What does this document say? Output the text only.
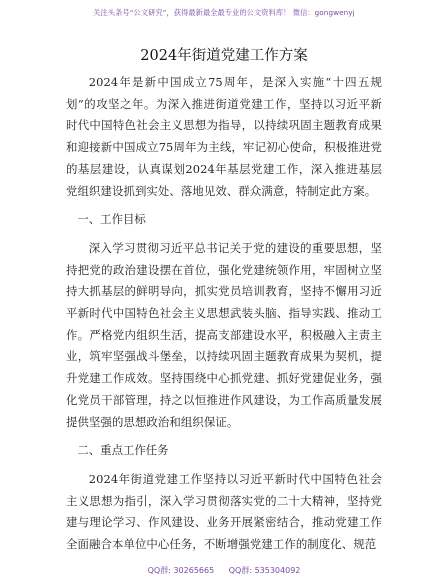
关注头条号“公文研究”，获得最新最全最专业的公文资料库！ 微信：gongwenyj
2024年街道党建工作方案

2024年是新中国成立75周年，是深入实施“十四五规划”的攻坚之年。为深入推进街道党建工作，坚持以习近平新时代中国特色社会主义思想为指导，以持续巩固主题教育成果和迎接新中国成立75周年为主线，牢记初心使命，积极推进党的基层建设，认真谋划2024年基层党建工作，深入推进基层党组织建设抓到实处、落地见效、群众满意，特制定此方案。

一、工作目标

深入学习贯彻习近平总书记关于党的建设的重要思想，坚持把党的政治建设摆在首位，强化党建统领作用，牢固树立坚持大抓基层的鲜明导向，抓实党员培训教育，坚持不懈用习近平新时代中国特色社会主义思想武装头脑、指导实践、推动工作。严格党内组织生活，提高支部建设水平，积极融入主责主业，筑牢坚强战斗堡垒，以持续巩固主题教育成果为契机，提升党建工作成效。坚持围绕中心抓党建、抓好党建促业务，强化党员干部管理，持之以恒推进作风建设，为工作高质量发展提供坚强的思想政治和组织保证。

二、重点工作任务

2024年街道党建工作坚持以习近平新时代中国特色社会主义思想为指引，深入学习贯彻落实党的二十大精神，坚持党建与理论学习、作风建设、业务开展紧密结合，推动党建工作全面融合本单位中心任务，不断增强党建工作的制度化、规范

QQ群: 30265665 QQ群: 535304092
